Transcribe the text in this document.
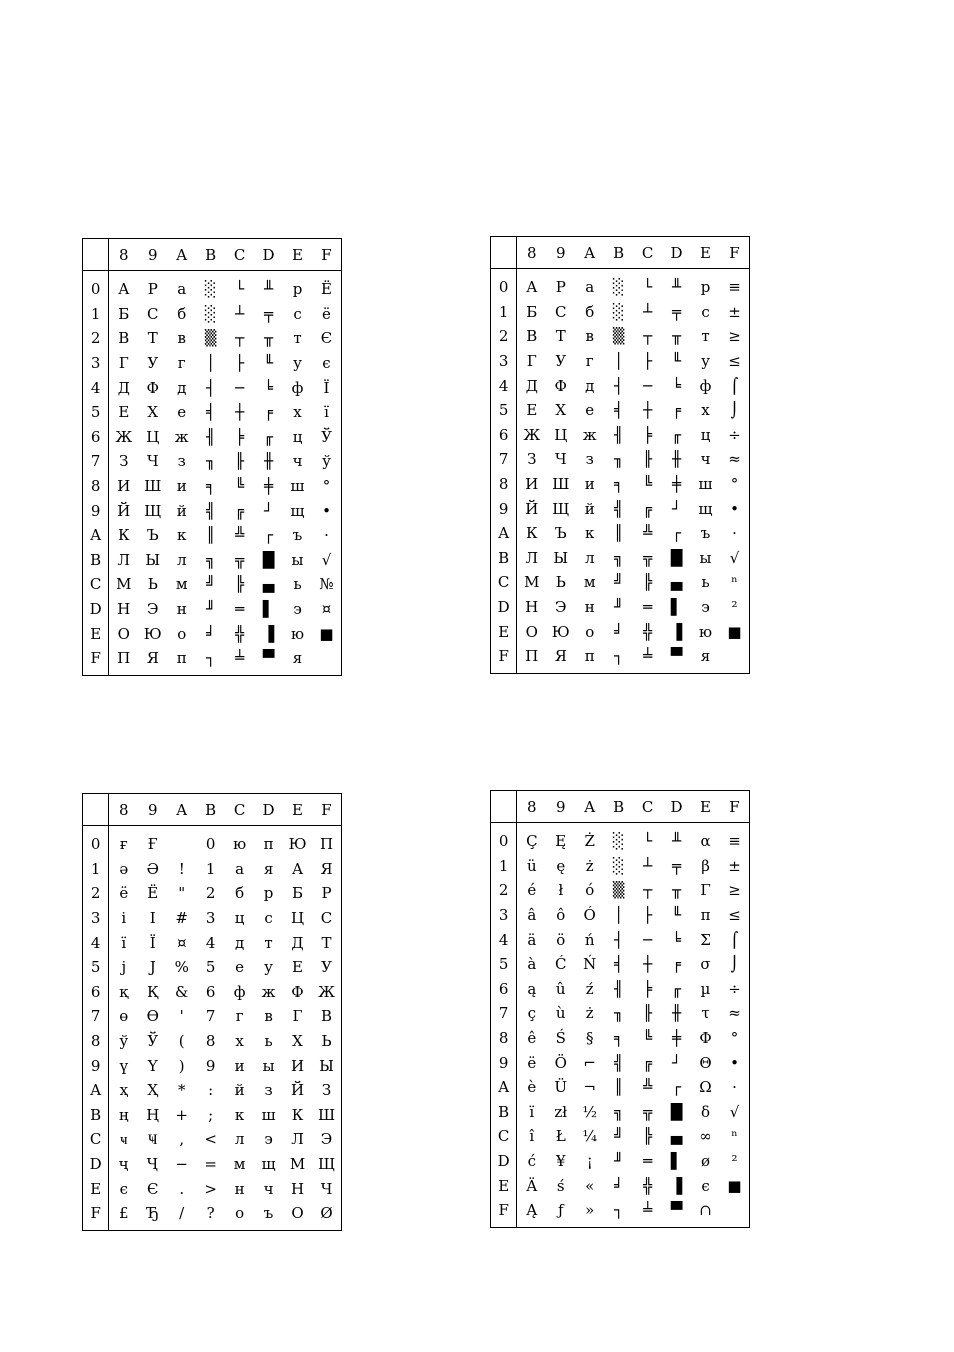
	8	9	A	B	C	D	E	F
0	А	Р	а	░	└	╨	р	Ё
1	Б	С	б	░	┴	╤	с	ё
2	В	Т	в	▒	┬	╥	т	Є
3	Г	У	г	│	├	╙	у	є
4	Д	Ф	д	┤	─	╘	ф	Ї
5	Е	Х	е	╡	┼	╒	х	ї
6	Ж	Ц	ж	╢	╞	╓	ц	Ў
7	З	Ч	з	╖	╟	╫	ч	ў
8	И	Ш	и	╕	╚	╪	ш	°
9	Й	Щ	й	╣	╔	┘	щ	•
A	К	Ъ	к	║	╩	┌	ъ	·
B	Л	Ы	л	╗	╦	█	ы	√
C	М	Ь	м	╝	╠	▄	ь	№
D	Н	Э	н	╜	═	▌	э	¤
E	О	Ю	о	╛	╬	▐	ю	■
F	П	Я	п	┐	╧	▀	я	
	8	9	A	B	C	D	E	F
0	А	Р	а	░	└	╨	р	≡
1	Б	С	б	░	┴	╤	с	±
2	В	Т	в	▒	┬	╥	т	≥
3	Г	У	г	│	├	╙	у	≤
4	Д	Ф	д	┤	─	╘	ф	⌠
5	Е	Х	е	╡	┼	╒	х	⌡
6	Ж	Ц	ж	╢	╞	╓	ц	÷
7	З	Ч	з	╖	╟	╫	ч	≈
8	И	Ш	и	╕	╚	╪	ш	°
9	Й	Щ	й	╣	╔	┘	щ	•
A	К	Ъ	к	║	╩	┌	ъ	·
B	Л	Ы	л	╗	╦	█	ы	√
C	М	Ь	м	╝	╠	▄	ь	ⁿ
D	Н	Э	н	╜	═	▌	э	²
E	О	Ю	о	╛	╬	▐	ю	■
F	П	Я	п	┐	╧	▀	я	
	8	9	A	B	C	D	E	F
0	ғ	Ғ		0	ю	п	Ю	П
1	ә	Ә	!	1	а	я	А	Я
2	ё	Ё	"	2	б	р	Б	Р
3	і	І	#	3	ц	с	Ц	С
4	ї	Ї	¤	4	д	т	Д	Т
5	ј	Ј	%	5	е	у	Е	У
6	қ	Қ	&	6	ф	ж	Ф	Ж
7	ө	Ө	'	7	г	в	Г	В
8	ў	Ў	(	8	х	ь	Х	Ь
9	ү	Ү	)	9	и	ы	И	Ы
A	ҳ	Ҳ	*	:	й	з	Й	З
B	ң	Ң	+	;	к	ш	К	Ш
C	ҹ	Ҹ	,	<	л	э	Л	Э
D	ҷ	Ҷ	−	=	м	щ	М	Щ
E	є	Є	.	>	н	ч	Н	Ч
F	£	Ђ	/	?	о	ъ	О	Ø
	8	9	A	B	C	D	E	F
0	Ç	Ę	Ż	░	└	╨	α	≡
1	ü	ę	ż	░	┴	╤	β	±
2	é	ł	ó	▒	┬	╥	Γ	≥
3	â	ô	Ó	│	├	╙	π	≤
4	ä	ö	ń	┤	─	╘	Σ	⌠
5	à	Ć	Ń	╡	┼	╒	σ	⌡
6	ą	û	ź	╢	╞	╓	µ	÷
7	ç	ù	ż	╖	╟	╫	τ	≈
8	ê	Ś	§	╕	╚	╪	Φ	°
9	ë	Ö	⌐	╣	╔	┘	Θ	•
A	è	Ü	¬	║	╩	┌	Ω	·
B	ï	zł	½	╗	╦	█	δ	√
C	î	Ł	¼	╝	╠	▄	∞	ⁿ
D	ć	¥	¡	╜	═	▌	ø	²
E	Ä	ś	«	╛	╬	▐	є	■
F	Ą	ƒ	»	┐	╧	▀	∩	
